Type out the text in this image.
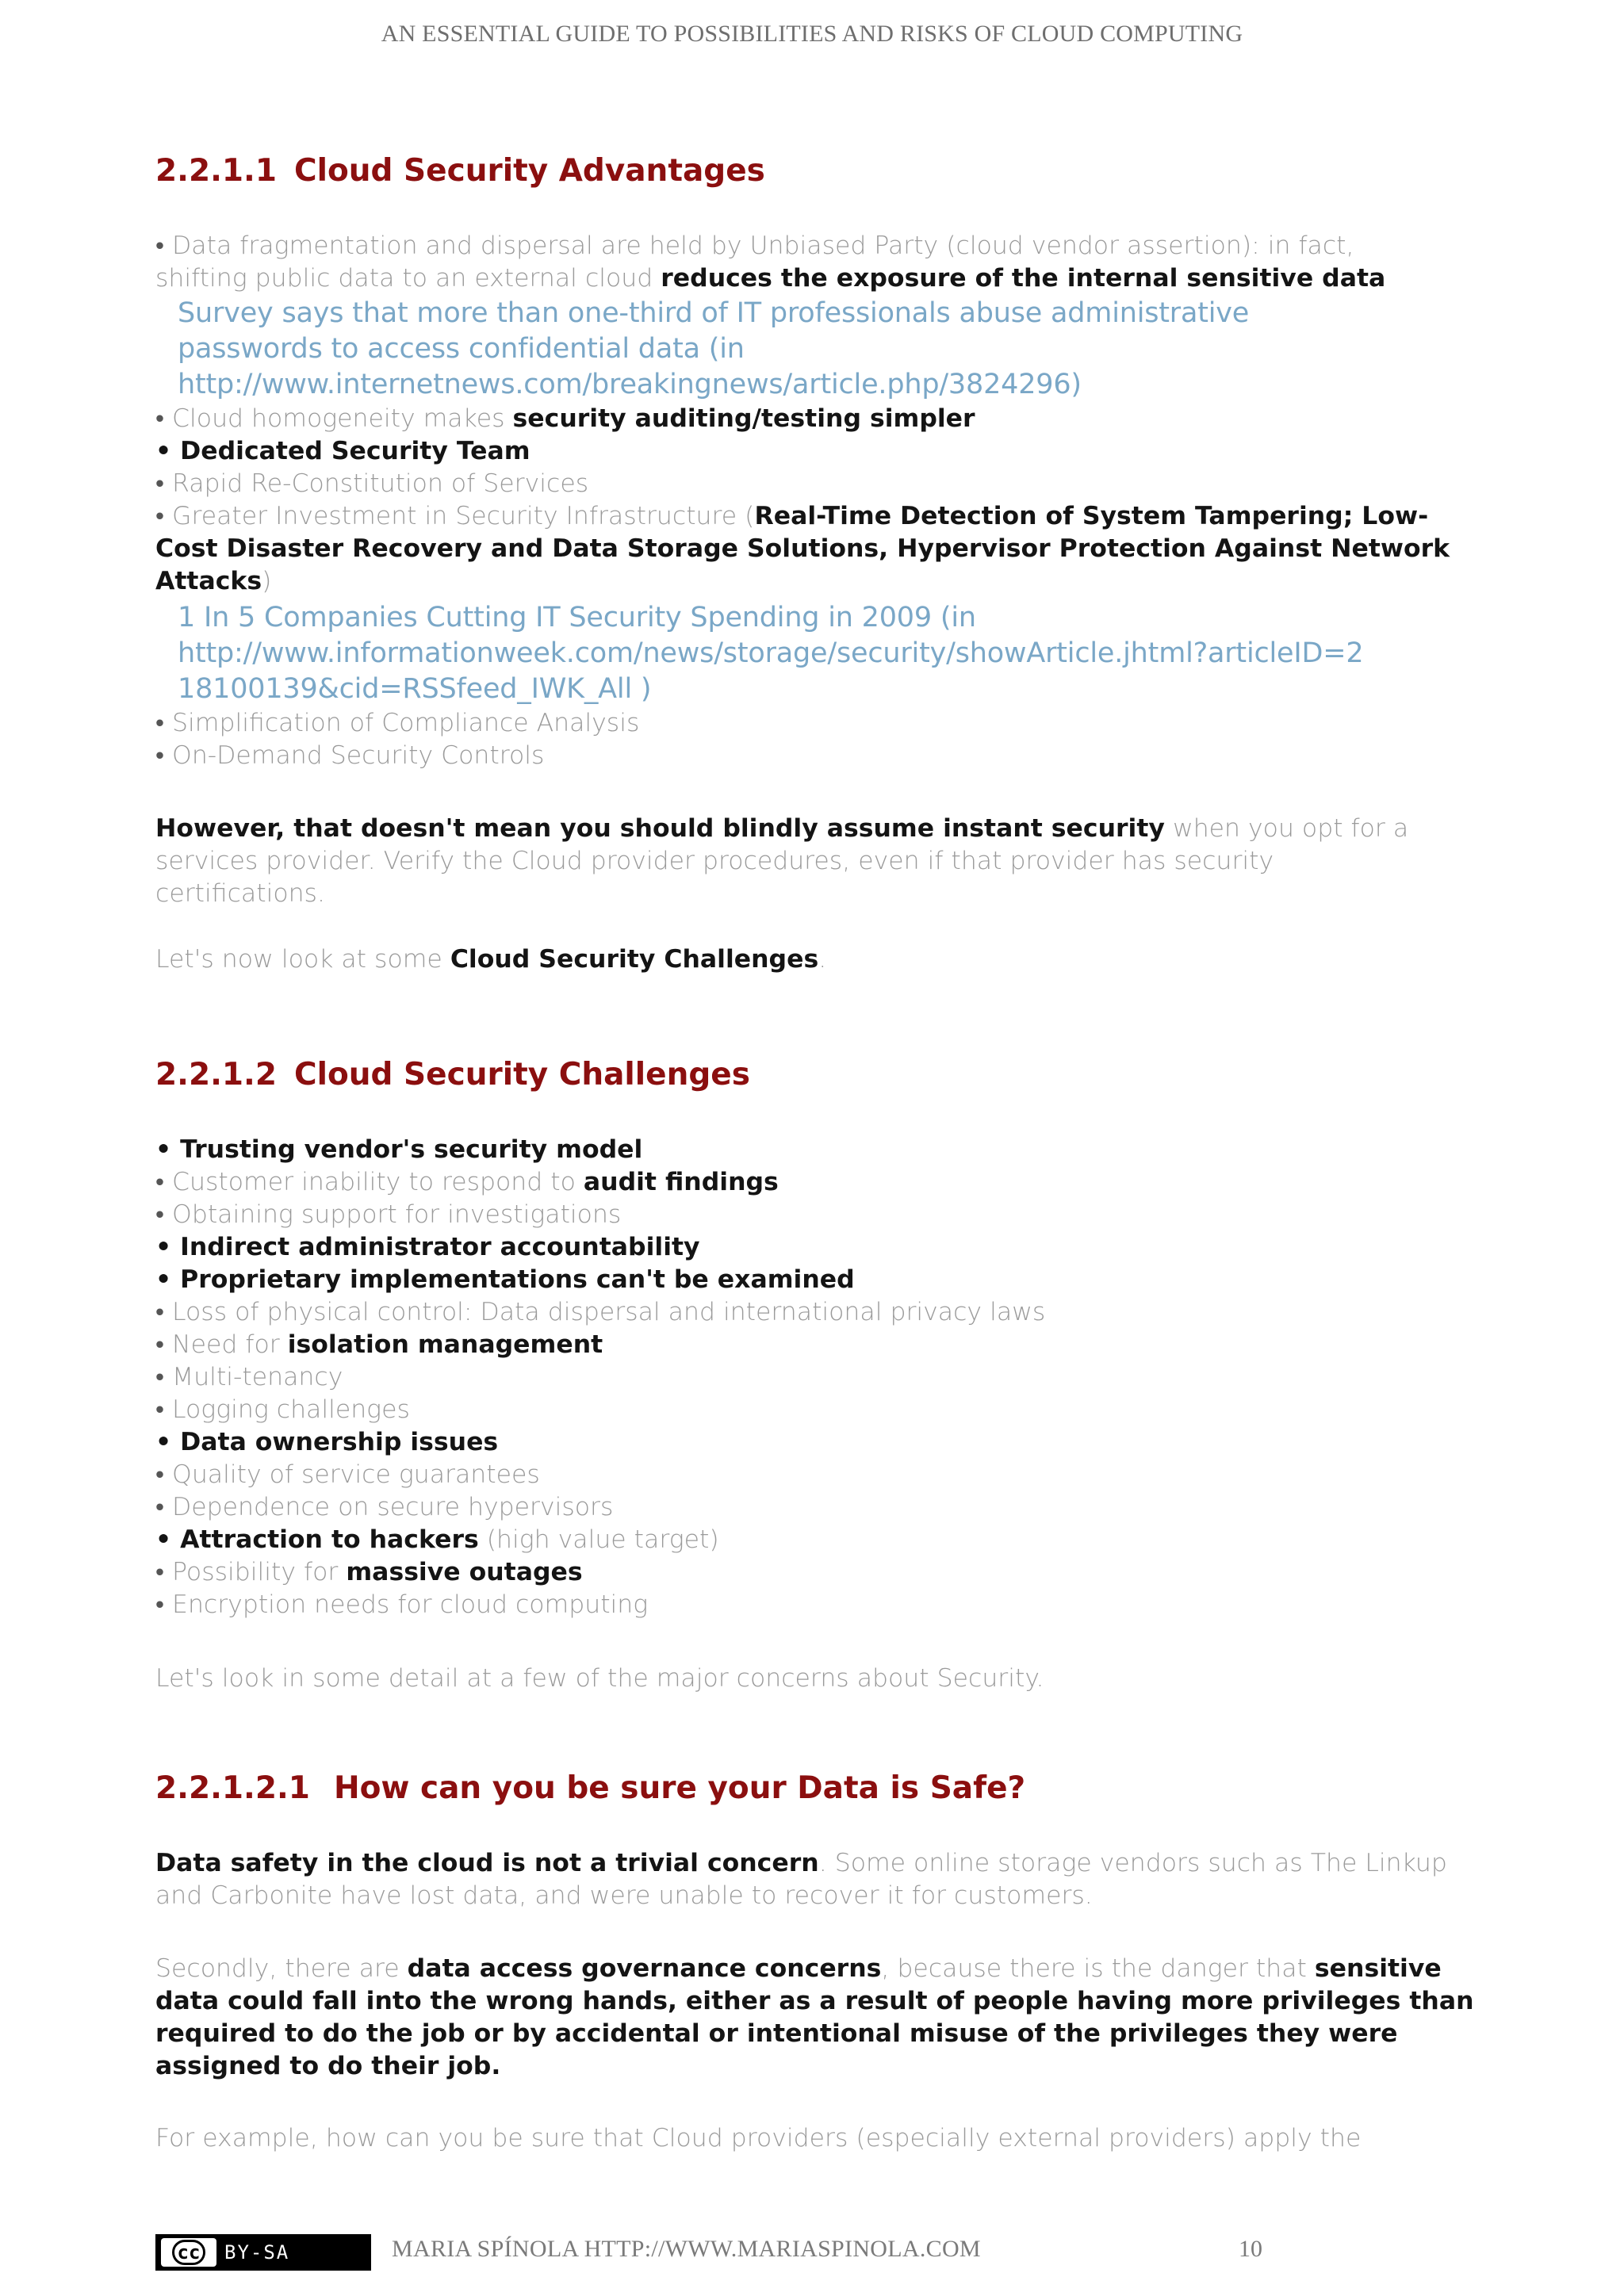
AN ESSENTIAL GUIDE TO POSSIBILITIES AND RISKS OF CLOUD COMPUTING
2.2.1.1 Cloud Security Advantages
• Data fragmentation and dispersal are held by Unbiased Party (cloud vendor assertion): in fact,
shifting public data to an external cloud reduces the exposure of the internal sensitive data
Survey says that more than one-third of IT professionals abuse administrative
passwords to access confidential data (in
http://www.internetnews.com/breakingnews/article.php/3824296)
• Cloud homogeneity makes security auditing/testing simpler
• Dedicated Security Team
• Rapid Re-Constitution of Services
• Greater Investment in Security Infrastructure (Real-Time Detection of System Tampering; Low-
Cost Disaster Recovery and Data Storage Solutions, Hypervisor Protection Against Network
Attacks)
1 In 5 Companies Cutting IT Security Spending in 2009 (in
http://www.informationweek.com/news/storage/security/showArticle.jhtml?articleID=2
18100139&cid=RSSfeed_IWK_All )
• Simplification of Compliance Analysis
• On-Demand Security Controls
However, that doesn't mean you should blindly assume instant security when you opt for a
services provider. Verify the Cloud provider procedures, even if that provider has security
certifications.
Let's now look at some Cloud Security Challenges.
2.2.1.2 Cloud Security Challenges
• Trusting vendor's security model
• Customer inability to respond to audit findings
• Obtaining support for investigations
• Indirect administrator accountability
• Proprietary implementations can't be examined
• Loss of physical control: Data dispersal and international privacy laws
• Need for isolation management
• Multi-tenancy
• Logging challenges
• Data ownership issues
• Quality of service guarantees
• Dependence on secure hypervisors
• Attraction to hackers (high value target)
• Possibility for massive outages
• Encryption needs for cloud computing
Let's look in some detail at a few of the major concerns about Security.
2.2.1.2.1 How can you be sure your Data is Safe?
Data safety in the cloud is not a trivial concern. Some online storage vendors such as The Linkup
and Carbonite have lost data, and were unable to recover it for customers.
Secondly, there are data access governance concerns, because there is the danger that sensitive
data could fall into the wrong hands, either as a result of people having more privileges than
required to do the job or by accidental or intentional misuse of the privileges they were
assigned to do their job.
For example, how can you be sure that Cloud providers (especially external providers) apply the
cc	BY-SA	MARIA SPÍNOLA HTTP://WWW.MARIASPINOLA.COM	10
